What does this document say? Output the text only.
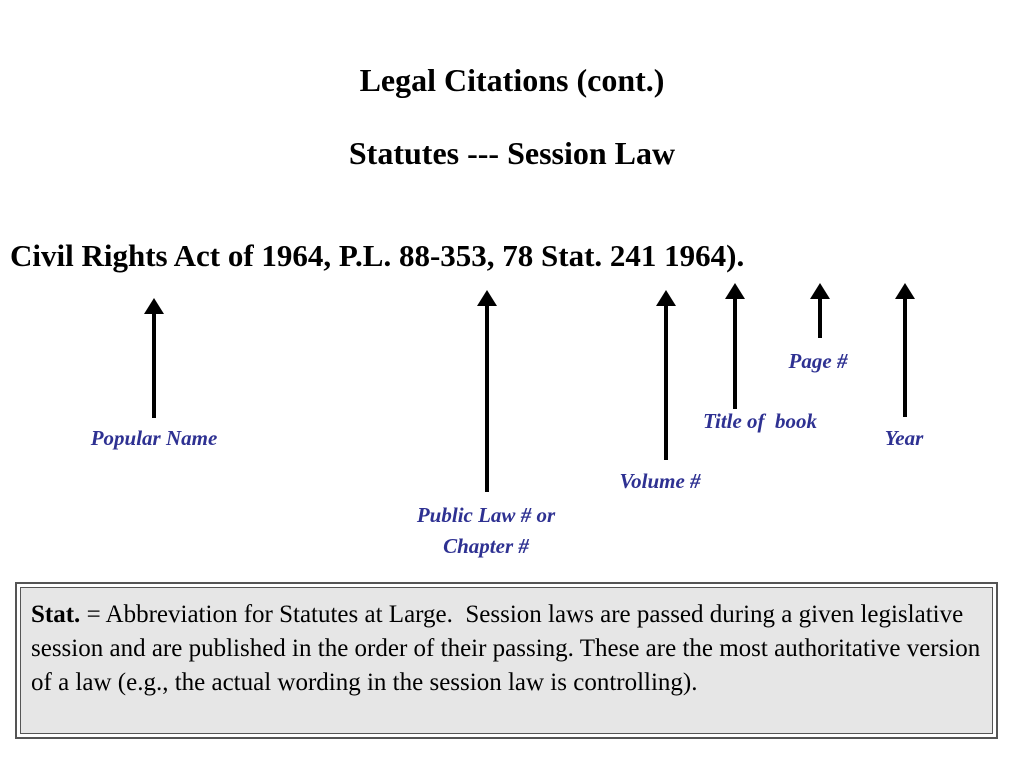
Legal Citations (cont.)
Statutes --- Session Law
Civil Rights Act of 1964, P.L. 88-353, 78 Stat. 241 1964).
Popular Name
Public Law # or
Chapter #
Volume #
Title of  book
Page #
Year
Stat. = Abbreviation for Statutes at Large.  Session laws are passed during a given legislative session and are published in the order of their passing. These are the most authoritative version of a law (e.g., the actual wording in the session law is controlling).
